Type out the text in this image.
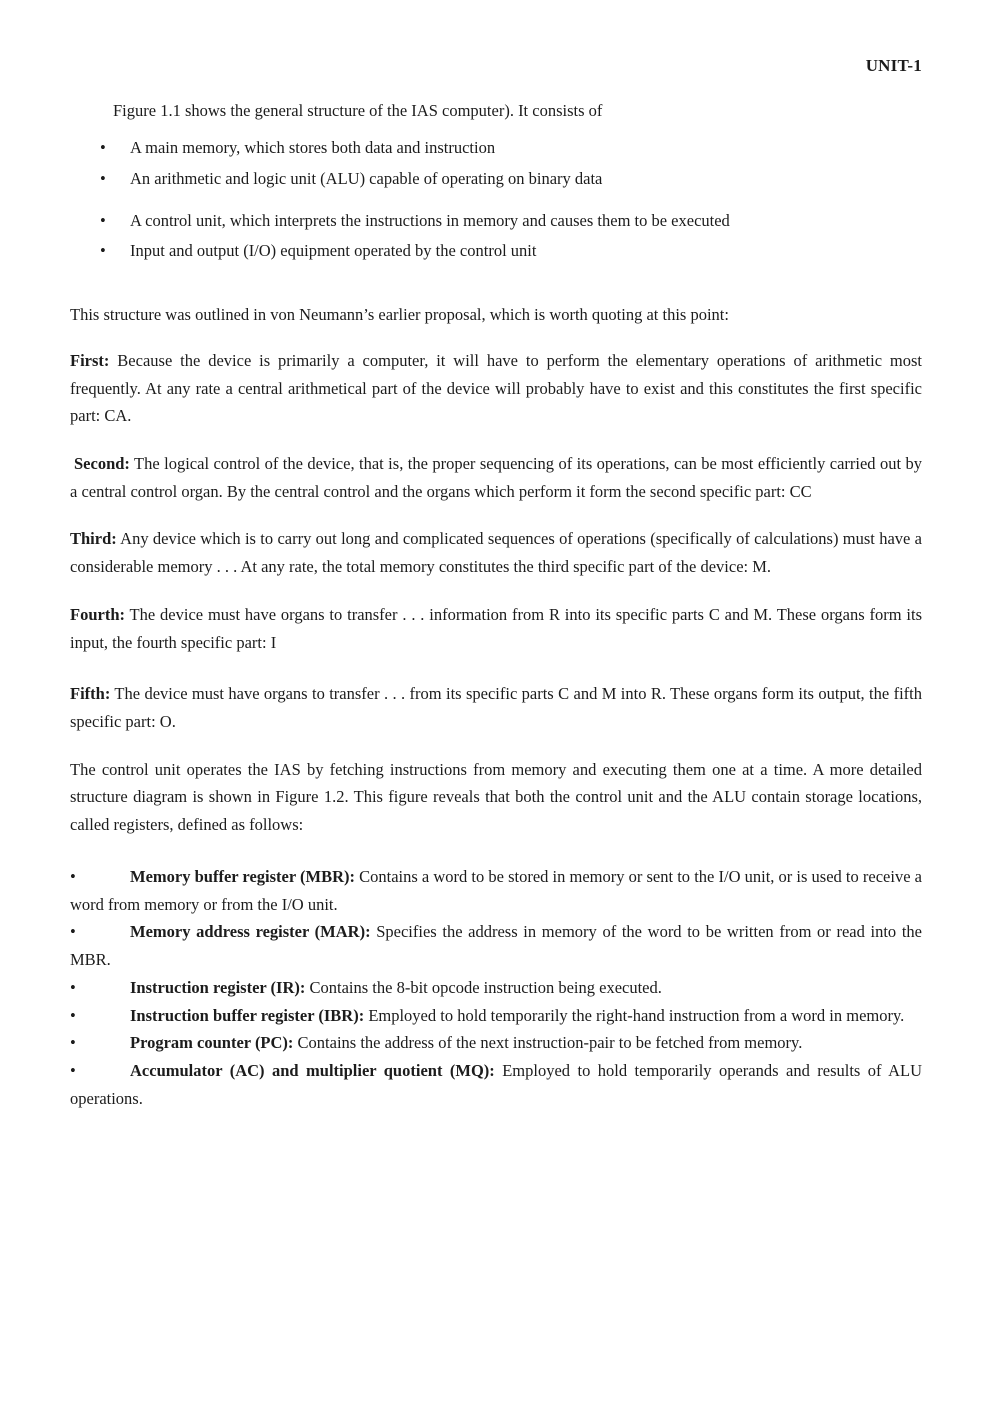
UNIT-1

Figure 1.1 shows the general structure of the IAS computer). It consists of

• A main memory, which stores both data and instruction
• An arithmetic and logic unit (ALU) capable of operating on binary data
• A control unit, which interprets the instructions in memory and causes them to be executed
• Input and output (I/O) equipment operated by the control unit

This structure was outlined in von Neumann’s earlier proposal, which is worth quoting at this point:

First: Because the device is primarily a computer, it will have to perform the elementary operations of arithmetic most frequently. At any rate a central arithmetical part of the device will probably have to exist and this constitutes the first specific part: CA.

Second: The logical control of the device, that is, the proper sequencing of its operations, can be most efficiently carried out by a central control organ. By the central control and the organs which perform it form the second specific part: CC

Third: Any device which is to carry out long and complicated sequences of operations (specifically of calculations) must have a considerable memory . . . At any rate, the total memory constitutes the third specific part of the device: M.

Fourth: The device must have organs to transfer . . . information from R into its specific parts C and M. These organs form its input, the fourth specific part: I

Fifth: The device must have organs to transfer . . . from its specific parts C and M into R. These organs form its output, the fifth specific part: O.

The control unit operates the IAS by fetching instructions from memory and executing them one at a time. A more detailed structure diagram is shown in Figure 1.2. This figure reveals that both the control unit and the ALU contain storage locations, called registers, defined as follows:

•	Memory buffer register (MBR): Contains a word to be stored in memory or sent to the I/O unit, or is used to receive a word from memory or from the I/O unit.

•	Memory address register (MAR): Specifies the address in memory of the word to be written from or read into the MBR.

•	Instruction register (IR): Contains the 8-bit opcode instruction being executed.

•	Instruction buffer register (IBR): Employed to hold temporarily the right-hand instruction from a word in memory.

•	Program counter (PC): Contains the address of the next instruction-pair to be fetched from memory.

•	Accumulator (AC) and multiplier quotient (MQ): Employed to hold temporarily operands and results of ALU operations.
